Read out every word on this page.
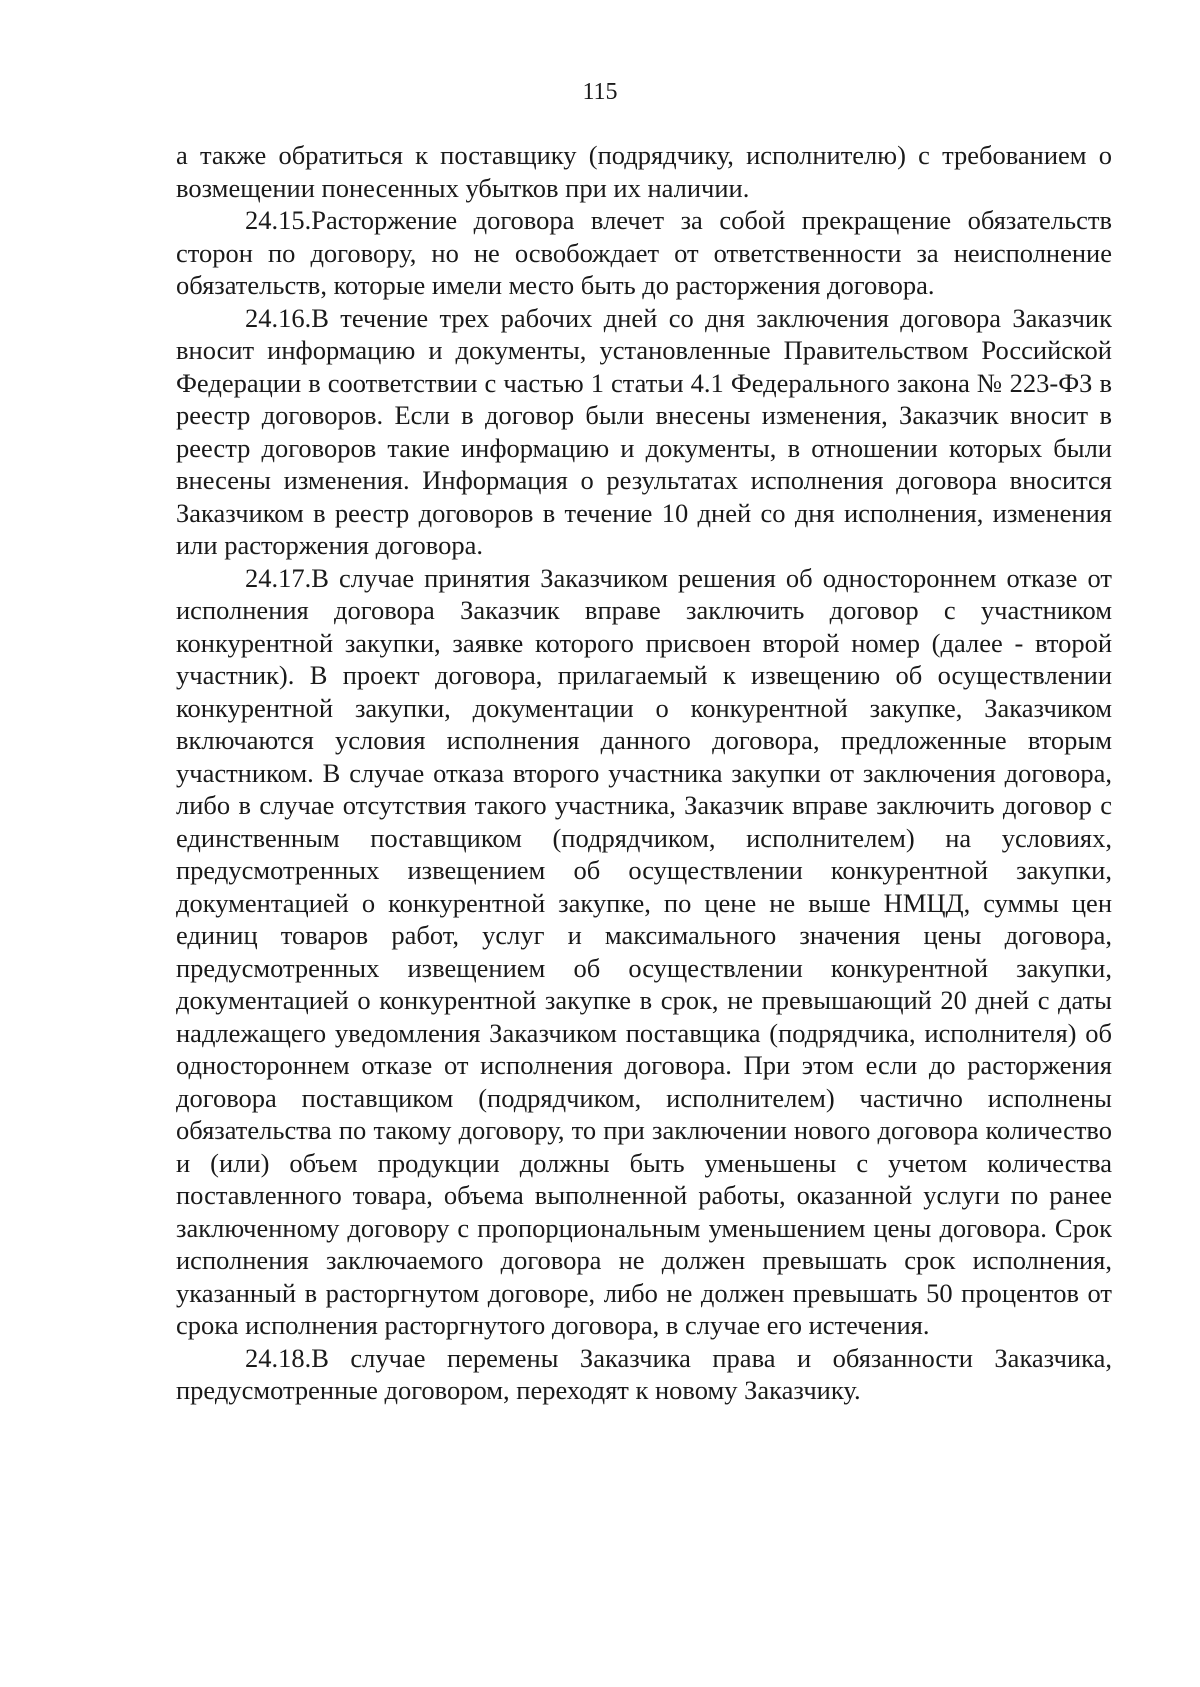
115

а также обратиться к поставщику (подрядчику, исполнителю) с требованием о возмещении понесенных убытков при их наличии.

24.15.Расторжение договора влечет за собой прекращение обязательств сторон по договору, но не освобождает от ответственности за неисполнение обязательств, которые имели место быть до расторжения договора.

24.16.В течение трех рабочих дней со дня заключения договора Заказчик вносит информацию и документы, установленные Правительством Российской Федерации в соответствии с частью 1 статьи 4.1 Федерального закона № 223-ФЗ в реестр договоров. Если в договор были внесены изменения, Заказчик вносит в реестр договоров такие информацию и документы, в отношении которых были внесены изменения. Информация о результатах исполнения договора вносится Заказчиком в реестр договоров в течение 10 дней со дня исполнения, изменения или расторжения договора.

24.17.В случае принятия Заказчиком решения об одностороннем отказе от исполнения договора Заказчик вправе заключить договор с участником конкурентной закупки, заявке которого присвоен второй номер (далее - второй участник). В проект договора, прилагаемый к извещению об осуществлении конкурентной закупки, документации о конкурентной закупке, Заказчиком включаются условия исполнения данного договора, предложенные вторым участником. В случае отказа второго участника закупки от заключения договора, либо в случае отсутствия такого участника, Заказчик вправе заключить договор с единственным поставщиком (подрядчиком, исполнителем) на условиях, предусмотренных извещением об осуществлении конкурентной закупки, документацией о конкурентной закупке, по цене не выше НМЦД, суммы цен единиц товаров работ, услуг и максимального значения цены договора, предусмотренных извещением об осуществлении конкурентной закупки, документацией о конкурентной закупке в срок, не превышающий 20 дней с даты надлежащего уведомления Заказчиком поставщика (подрядчика, исполнителя) об одностороннем отказе от исполнения договора. При этом если до расторжения договора поставщиком (подрядчиком, исполнителем) частично исполнены обязательства по такому договору, то при заключении нового договора количество и (или) объем продукции должны быть уменьшены с учетом количества поставленного товара, объема выполненной работы, оказанной услуги по ранее заключенному договору с пропорциональным уменьшением цены договора. Срок исполнения заключаемого договора не должен превышать срок исполнения, указанный в расторгнутом договоре, либо не должен превышать 50 процентов от срока исполнения расторгнутого договора, в случае его истечения.

24.18.В случае перемены Заказчика права и обязанности Заказчика, предусмотренные договором, переходят к новому Заказчику.
